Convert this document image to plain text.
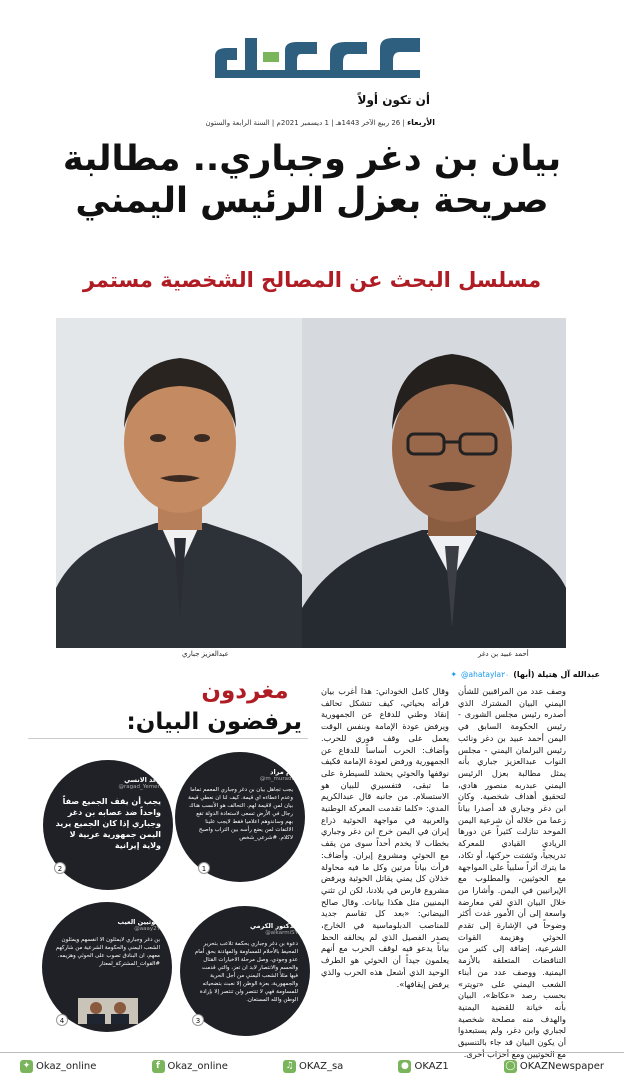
أن تكون أولاً
الأربعاء | 26 ربيع الآخر 1443هـ | 1 ديسمبر 2021م | السنة الرابعة والستون
بيان بن دغر وجباري.. مطالبة
صريحة بعزل الرئيس اليمني
مسلسل البحث عن المصالح الشخصية مستمر
عبدالعزيز جباري	أحمد عبيد بن دغر
عبدالله آل هتيلة (أبها)
@ahatayla٢٠
✦
وصف عدد من المراقبين للشأن اليمني البيان المشترك الذي أصدره رئيس مجلس الشورى - رئيس الحكومة السابق في اليمن أحمد عبيد بن دغر ونائب رئيس البرلمان اليمني - مجلس النواب عبدالعزيز جباري بأنه يمثل مطالبة بعزل الرئيس اليمني عبدربه منصور هادي، لتحقيق أهداف شخصية. وكان ابن دغر وجباري قد أصدرا بياناً زعما من خلاله أن شرعية اليمن الموحد تنازلت كثيراً عن دورها الريادي القيادي للمعركة تدريجياً، وتَشتت حركتها، أو تكاد، ما يترك أثراً سلبياً على المواجهة مع الحوثيين، والمطلوب مع الإيرانيين في اليمن. وأشارا من خلال البيان الذي لقي معارضة واسعة إلى أن الأمور غدت أكثر وضوحاً في الإشارة إلى تقدم الحوثي وهزيمة القوات الشرعية، إضافة إلى كثير من التناقضات المتعلقة بالأزمة اليمنية. ووصف عدد من أبناء الشعب اليمني على «تويتر» بحسب رصد «عكاظ»، البيان بأنه خيانة للقضية اليمنية والهدف منه مصلحة شخصية لجباري وابن دغر، ولم يستبعدوا أن يكون البيان قد جاء بالتنسيق مع الحوثيين ومع أحزاب أخرى.
وقال كامل الخوداني: هذا أغرب بيان قرأته بحياتي، كيف تتشكل تحالف إنقاذ وطني للدفاع عن الجمهورية ويرفض عودة الإمامة وبنفس الوقت يعمل على وقف فوري للحرب. وأضاف: الحرب أساساً للدفاع عن الجمهورية ورفض لعودة الإمامة فكيف نوقفها والحوثي يحشد للسيطرة على ما تبقى، فتفسيري للبيان هو الاستسلام. من جانبه قال عبدالكريم المدي: «كلما تقدمت المعركة الوطنية والعربية في مواجهة الحوثية ذراع إيران في اليمن خرج ابن دغر وجباري بخطاب لا يخدم أحداً سوى من يقف مع الحوثي ومشروع إيران. وأضاف: قرأت بياناً مرتين وكل ما فيه محاولة خذلان كل يمني يقاتل الحوثية ويرفض مشروع فارس في بلادنا، لكن لن تثني اليمنيين مثل هكذا بيانات. وقال صالح البيضاني: «بعد كل تقاسم جديد للمناصب الدبلوماسية في الخارج، يصدر الفصيل الذي لم يحالفه الحظ بياناً يدعو فيه لوقف الحرب مع أنهم يعلمون جيداً أن الحوثي هو الطرف الوحيد الذي أشعل هذه الحرب والذي يرفض إيقافها».
مغردون
يرفضون البيان:
أم مراد
@m_muradi
يجب تجاهل بيان بن دغر وجباري المعمم تماما وعدم اعطاءه اي قيمة. كيف لنا ان نعطي قيمة بيان لمن لاقيمة لهم. التحالف هو الأنسب هناك رجال في الأرض تسعى لاستعادة الدولة تقع بهم وساندوهم اعلاميا فقط لايجب علينا الالتفات لمن يضع رأسه بين التراب واصبح لاكلام. #شرعي_شخص
رغد الانسي
@ragad_Yemen
يجب أن يقف الجميع صفاً واحداً ضد عصابه بن دغر وجباري إذا كان الجميع يريد اليمن جمهورية عربية لا ولاية إيرانية
الدكتور الكرمي
@alkarmiSY
دعوة بن دغر وجباري بحكمة تلاعب بتحرير المحيط بالأحلام للمساومة والمهادنة بحق أمام عدو وجودي، وصل مرحلة الاخيارات القتال والحسم والانتصار لابد ان تعز، والتي قدمت فيها مثلاً الشعب اليمني من أجل الحرية والجمهورية، بعزة الوطن إلا نعبث بتضحياته للمساومة فهي لا تنتصر ولن تنتصر إلا بإرادة الوطن والله المستعان.
حوثيين العيب
@aaay2Y
بن دغر وجباري لايمثلون الا انفسهم ويمثلون الشعب اليمني والحكومة الشرعية من شاركهم معهم، ان البنادق تصوب على الحوثي وهزيمه. #القوات_المشتركة_لمعتار
1
2
3
4
✦ Okaz_online	f Okaz_online	♫ OKAZ_sa	● OKAZ1	◯ OKAZNewspaper
